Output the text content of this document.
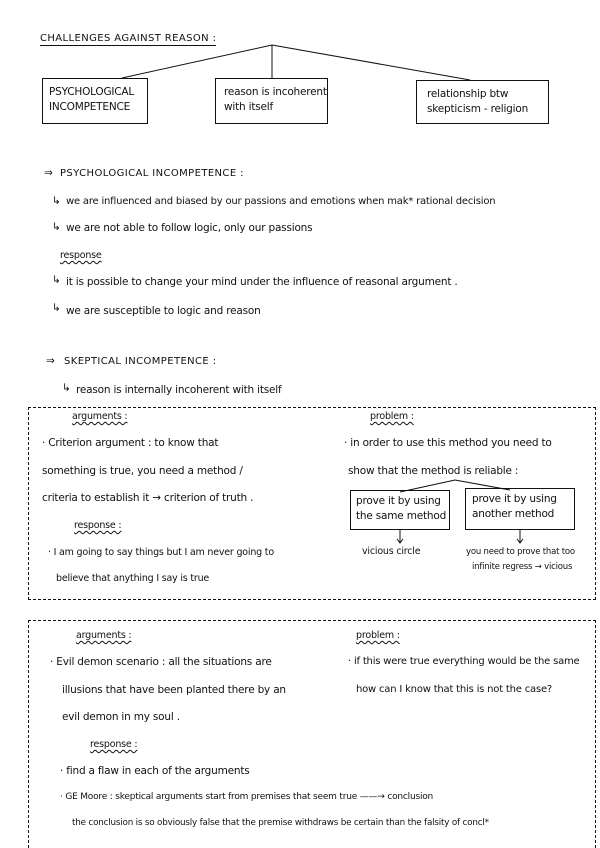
CHALLENGES AGAINST REASON :
PSYCHOLOGICAL
INCOMPETENCE
reason is incoherent
with itself
relationship btw
skepticism - religion
⇒ PSYCHOLOGICAL INCOMPETENCE :
↳ we are influenced and biased by our passions and emotions when mak* rational decision
↳ we are not able to follow logic, only our passions
response
↳ it is possible to change your mind under the influence of reasonal argument .
↳ we are susceptible to logic and reason
⇒ SKEPTICAL INCOMPETENCE :
↳ reason is internally incoherent with itself
arguments :
· Criterion argument : to know that
something is true, you need a method /
criteria to establish it → criterion of truth .
response :
· I am going to say things but I am never going to
believe that anything I say is true
problem :
· in order to use this method you need to
show that the method is reliable :
prove it by using
the same method
prove it by using
another method
vicious circle	you need to prove that too
infinite regress → vicious
arguments :
· Evil demon scenario : all the situations are
illusions that have been planted there by an
evil demon in my soul .
problem :
· if this were true everything would be the same
how can I know that this is not the case?
response :
· find a flaw in each of the arguments
· GE Moore : skeptical arguments start from premises that seem true ——→ conclusion
the conclusion is so obviously false that the premise withdraws be certain than the falsity of concl*
